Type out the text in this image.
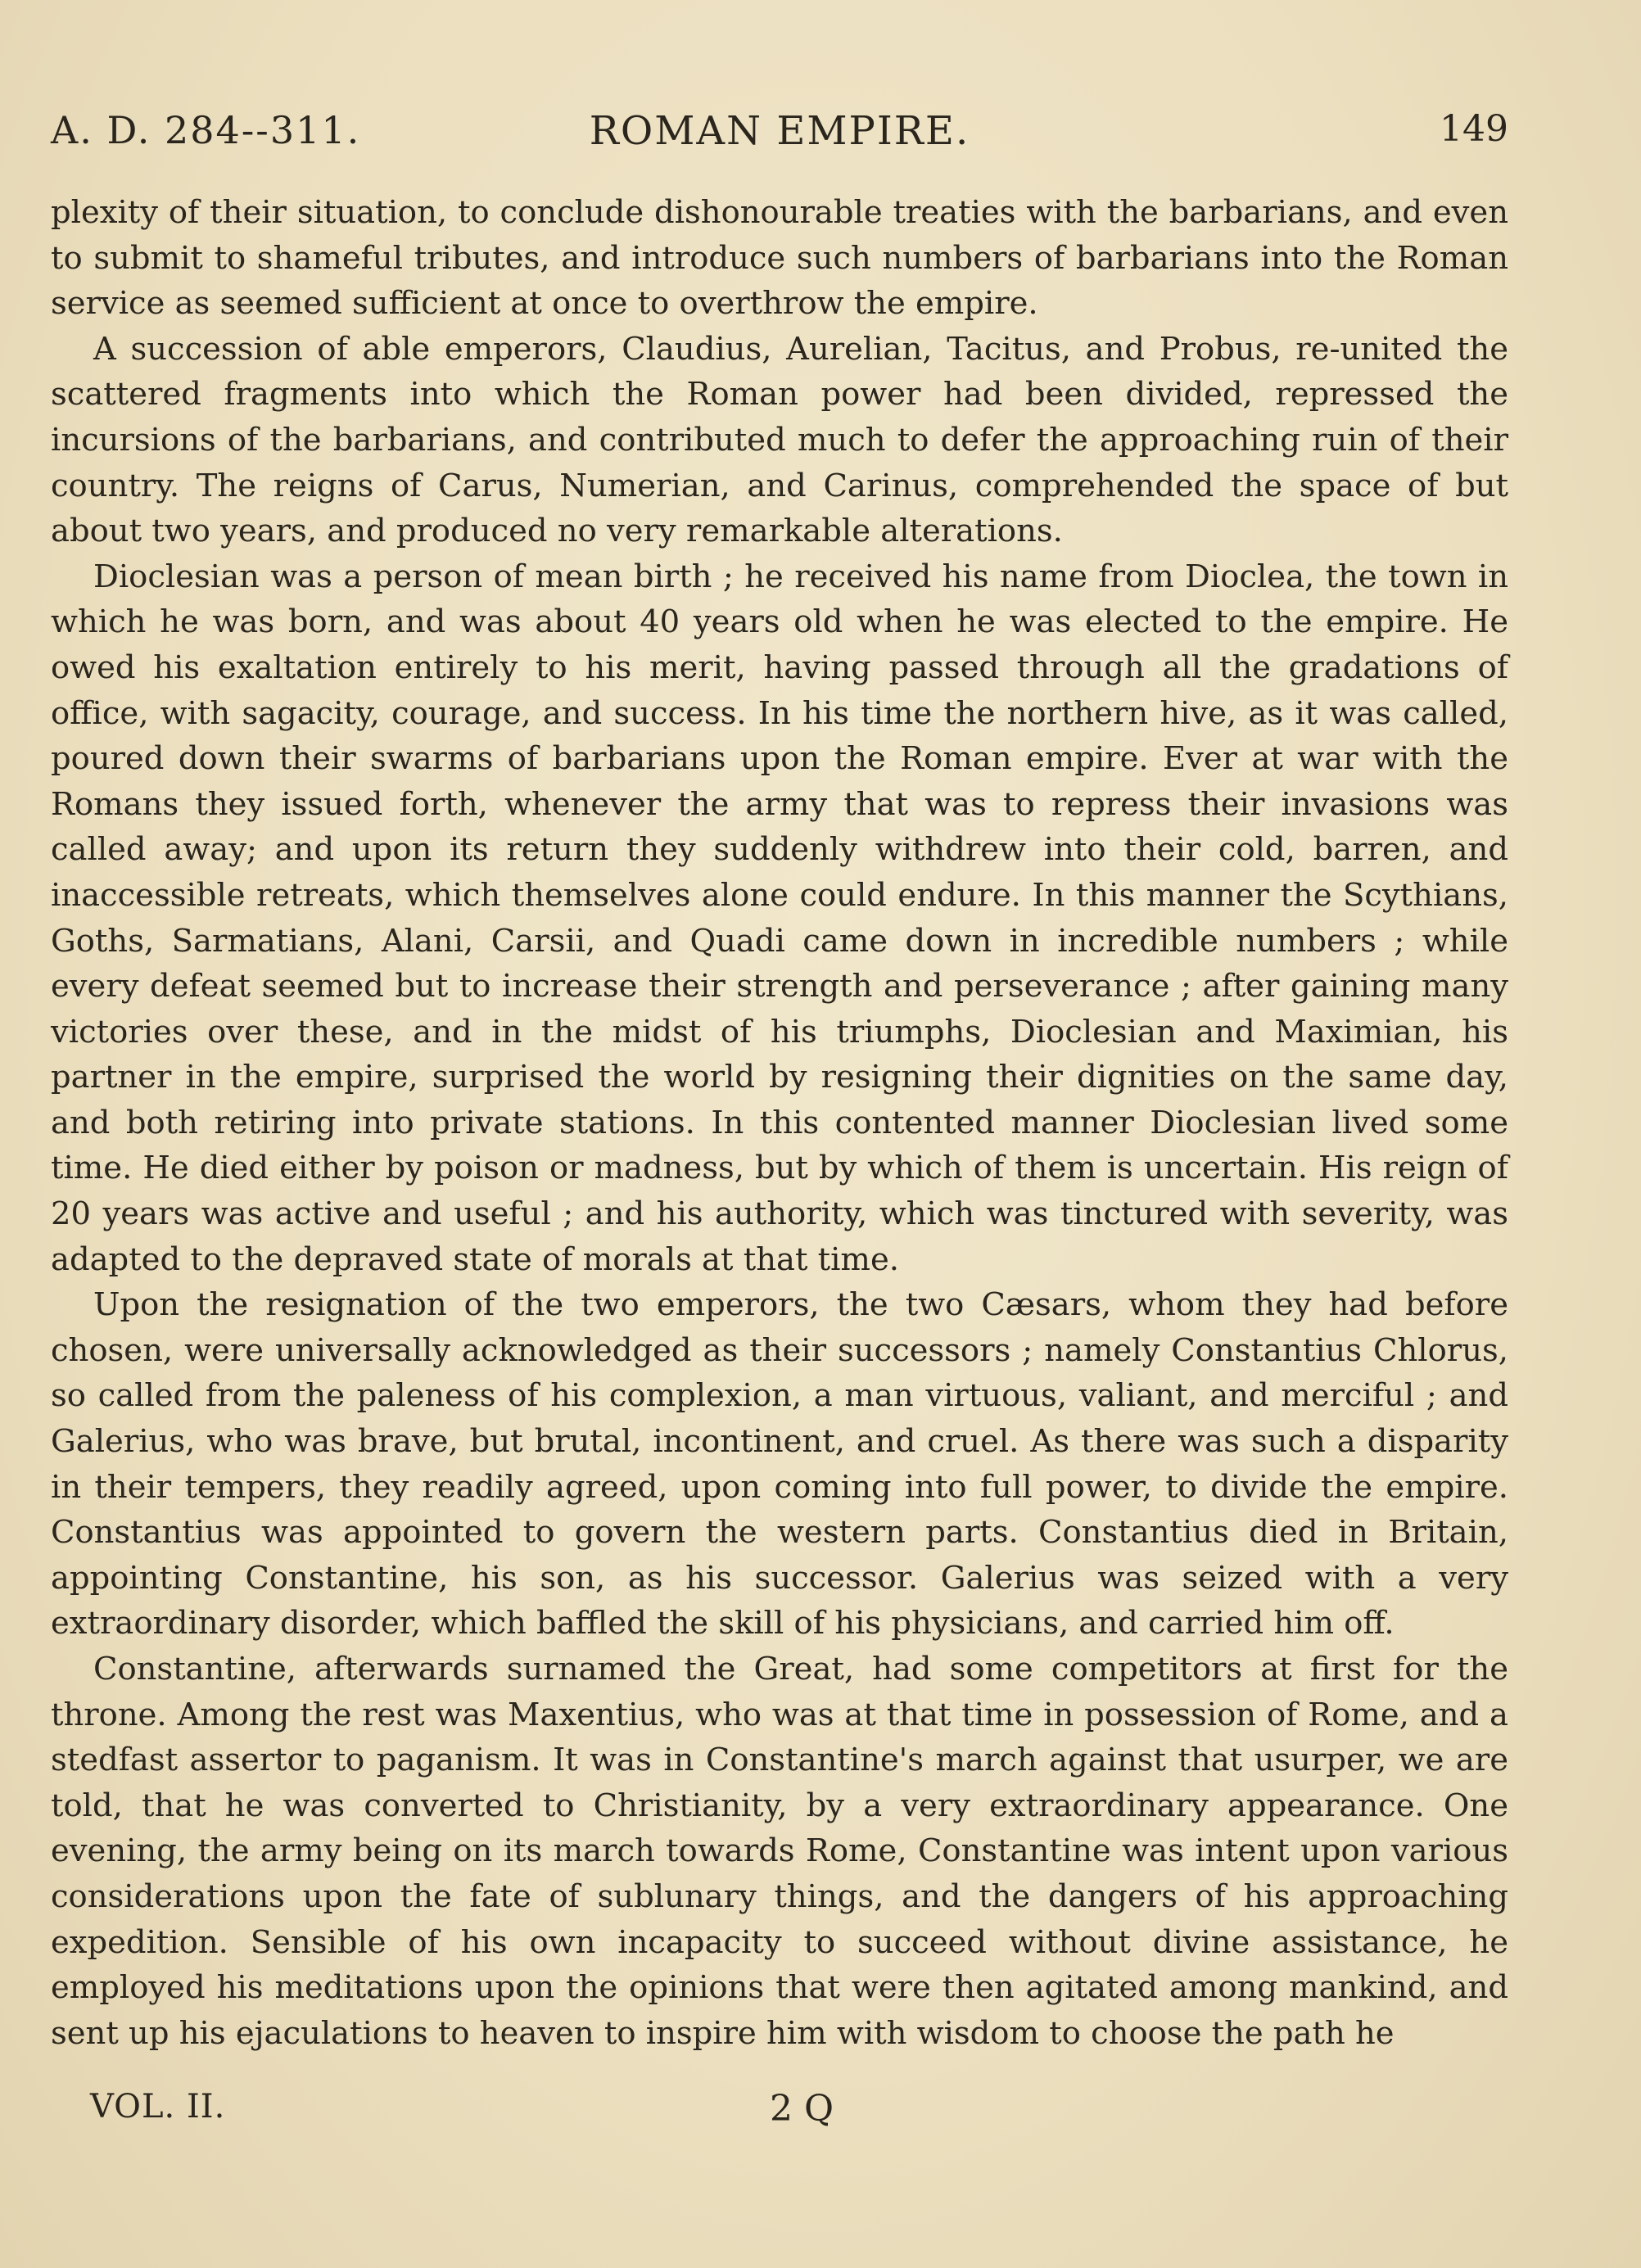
A. D. 284--311.	ROMAN EMPIRE.	149

plexity of their situation, to conclude dishonourable treaties with the barbarians, and even to submit to shameful tributes, and introduce such numbers of barbarians into the Roman service as seemed sufficient at once to overthrow the empire.

A succession of able emperors, Claudius, Aurelian, Tacitus, and Probus, re-united the scattered fragments into which the Roman power had been divided, repressed the incursions of the barbarians, and contributed much to defer the approaching ruin of their country. The reigns of Carus, Numerian, and Carinus, comprehended the space of but about two years, and produced no very remarkable alterations.

Dioclesian was a person of mean birth ; he received his name from Dioclea, the town in which he was born, and was about 40 years old when he was elected to the empire. He owed his exaltation entirely to his merit, having passed through all the gradations of office, with sagacity, courage, and success. In his time the northern hive, as it was called, poured down their swarms of barbarians upon the Roman empire. Ever at war with the Romans they issued forth, whenever the army that was to repress their invasions was called away; and upon its return they suddenly withdrew into their cold, barren, and inaccessible retreats, which themselves alone could endure. In this manner the Scythians, Goths, Sarmatians, Alani, Carsii, and Quadi came down in incredible numbers ; while every defeat seemed but to increase their strength and perseverance ; after gaining many victories over these, and in the midst of his triumphs, Dioclesian and Maximian, his partner in the empire, surprised the world by resigning their dignities on the same day, and both retiring into private stations. In this contented manner Dioclesian lived some time. He died either by poison or madness, but by which of them is uncertain. His reign of 20 years was active and useful ; and his authority, which was tinctured with severity, was adapted to the depraved state of morals at that time.

Upon the resignation of the two emperors, the two Cæsars, whom they had before chosen, were universally acknowledged as their successors ; namely Constantius Chlorus, so called from the paleness of his complexion, a man virtuous, valiant, and merciful ; and Galerius, who was brave, but brutal, incontinent, and cruel. As there was such a disparity in their tempers, they readily agreed, upon coming into full power, to divide the empire. Constantius was appointed to govern the western parts. Constantius died in Britain, appointing Constantine, his son, as his successor. Galerius was seized with a very extraordinary disorder, which baffled the skill of his physicians, and carried him off.

Constantine, afterwards surnamed the Great, had some competitors at first for the throne. Among the rest was Maxentius, who was at that time in possession of Rome, and a stedfast assertor to paganism. It was in Constantine's march against that usurper, we are told, that he was converted to Christianity, by a very extraordinary appearance. One evening, the army being on its march towards Rome, Constantine was intent upon various considerations upon the fate of sublunary things, and the dangers of his approaching expedition. Sensible of his own incapacity to succeed without divine assistance, he employed his meditations upon the opinions that were then agitated among mankind, and sent up his ejaculations to heaven to inspire him with wisdom to choose the path he

VOL. II.	2 Q
